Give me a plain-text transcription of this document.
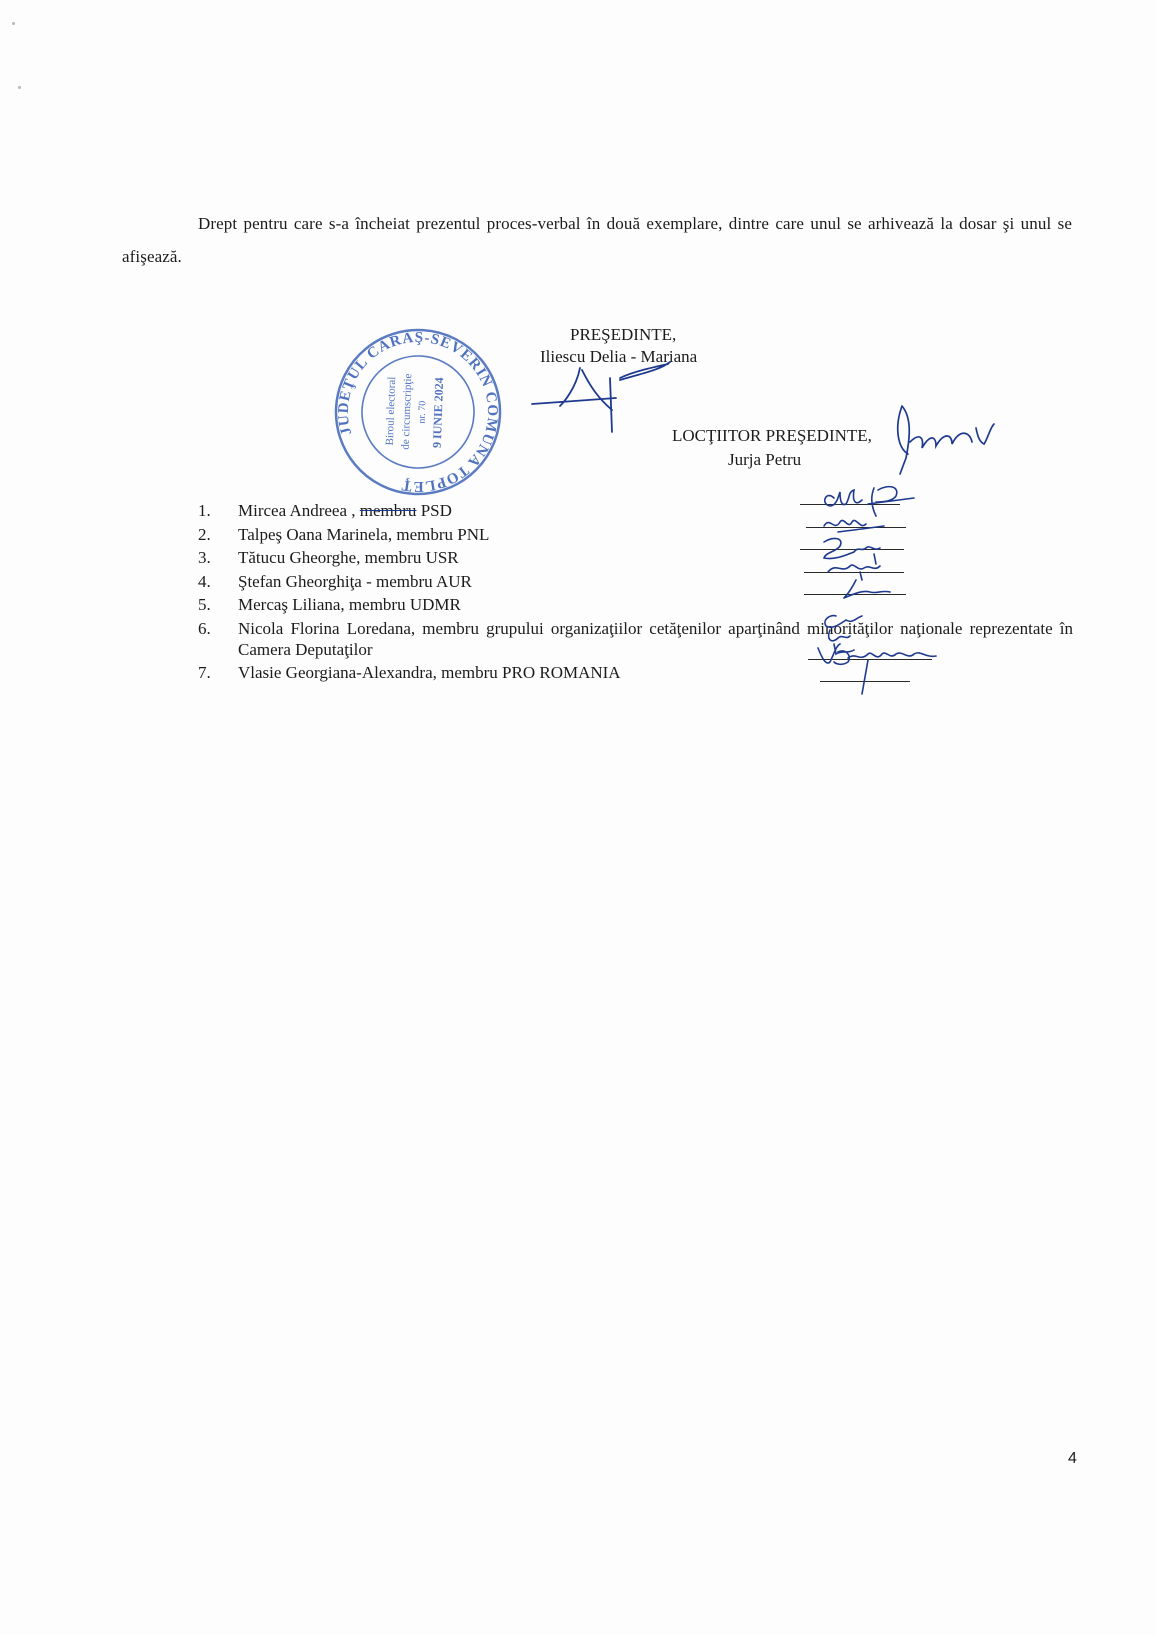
Drept pentru care s-a încheiat prezentul proces-verbal în două exemplare, dintre care unul se arhivează la dosar şi unul se afişează.

JUDEŢUL CARAŞ-SEVERIN COMUNA TOPLEŢ
Biroul electoral de circumscripţie nr. 70 9 IUNIE 2024
PREŞEDINTE,
Iliescu Delia - Mariana
LOCŢIITOR PREŞEDINTE,
Jurja Petru
1.	Mircea Andreea , membru PSD
2.	Talpeş Oana Marinela, membru PNL
3.	Tătucu Gheorghe, membru USR
4.	Ştefan Gheorghiţa - membru AUR
5.	Mercaş Liliana, membru UDMR
6.	Nicola Florina Loredana, membru grupului organizaţiilor cetăţenilor aparţinând minorităţilor naţionale reprezentate în Camera Deputaţilor
7.	Vlasie Georgiana-Alexandra, membru PRO ROMANIA
4
